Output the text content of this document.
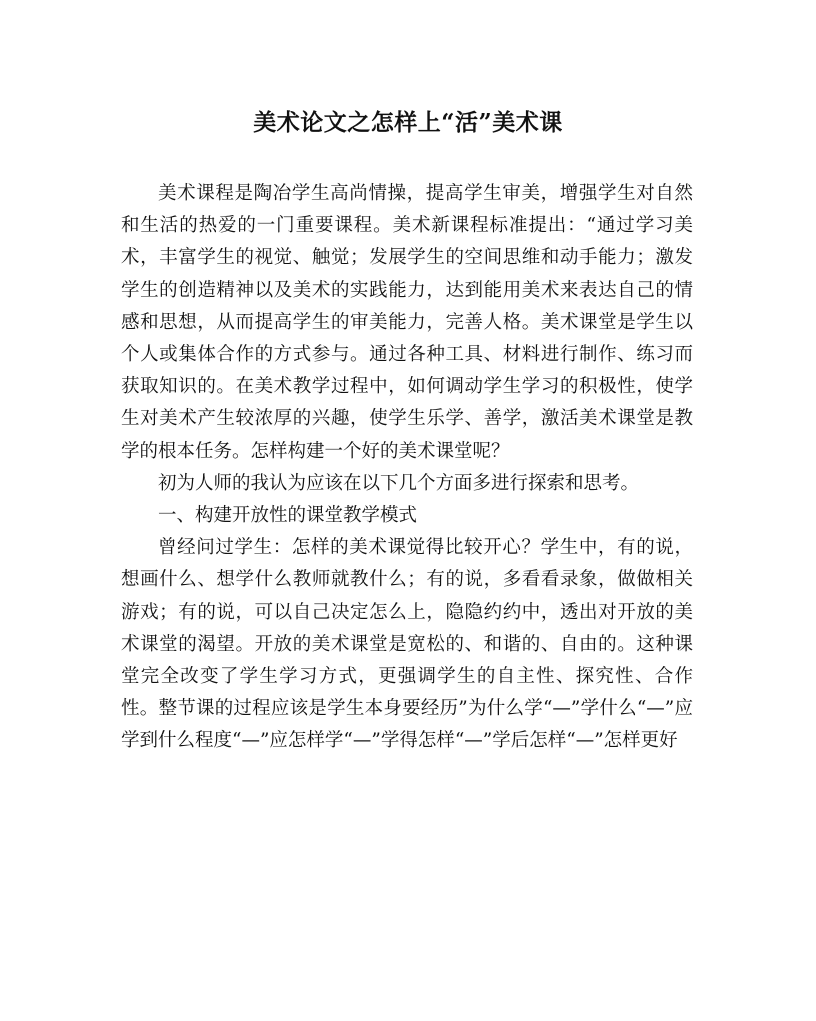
美术论文之怎样上“活”美术课

美术课程是陶冶学生高尚情操，提高学生审美，增强学生对自然和生活的热爱的一门重要课程。美术新课程标准提出：“通过学习美术，丰富学生的视觉、触觉；发展学生的空间思维和动手能力；激发学生的创造精神以及美术的实践能力，达到能用美术来表达自己的情感和思想，从而提高学生的审美能力，完善人格。美术课堂是学生以个人或集体合作的方式参与。通过各种工具、材料进行制作、练习而获取知识的。在美术教学过程中，如何调动学生学习的积极性，使学生对美术产生较浓厚的兴趣，使学生乐学、善学，激活美术课堂是教学的根本任务。怎样构建一个好的美术课堂呢？

初为人师的我认为应该在以下几个方面多进行探索和思考。

一、构建开放性的课堂教学模式

曾经问过学生：怎样的美术课觉得比较开心？学生中，有的说，想画什么、想学什么教师就教什么；有的说，多看看录象，做做相关游戏；有的说，可以自己决定怎么上，隐隐约约中，透出对开放的美术课堂的渴望。开放的美术课堂是宽松的、和谐的、自由的。这种课堂完全改变了学生学习方式，更强调学生的自主性、探究性、合作性。整节课的过程应该是学生本身要经历”为什么学“—”学什么“—”应学到什么程度“—”应怎样学“—”学得怎样“—”学后怎样“—”怎样更好
